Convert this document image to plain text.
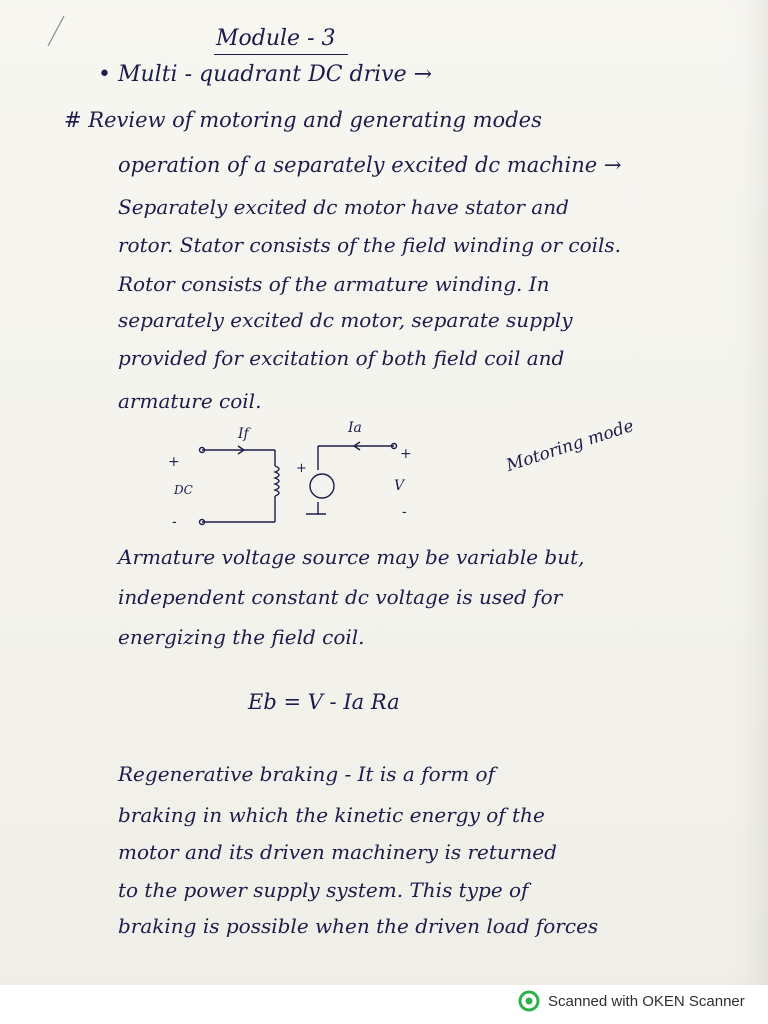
Module - 3
• Multi - quadrant DC drive →
# Review of motoring and generating modes
operation of a separately excited dc machine →
Separately excited dc motor have stator and
rotor. Stator consists of the field winding or coils.
Rotor consists of the armature winding. In
separately excited dc motor, separate supply
provided for excitation of both field coil and
armature coil.
If	Ia
+
DC
-
+
+
V
-
Motoring mode
Armature voltage source may be variable but,
independent constant dc voltage is used for
energizing the field coil.
Eb = V - Ia Ra
Regenerative braking - It is a form of
braking in which the kinetic energy of the
motor and its driven machinery is returned
to the power supply system. This type of
braking is possible when the driven load forces
Scanned with OKEN Scanner
